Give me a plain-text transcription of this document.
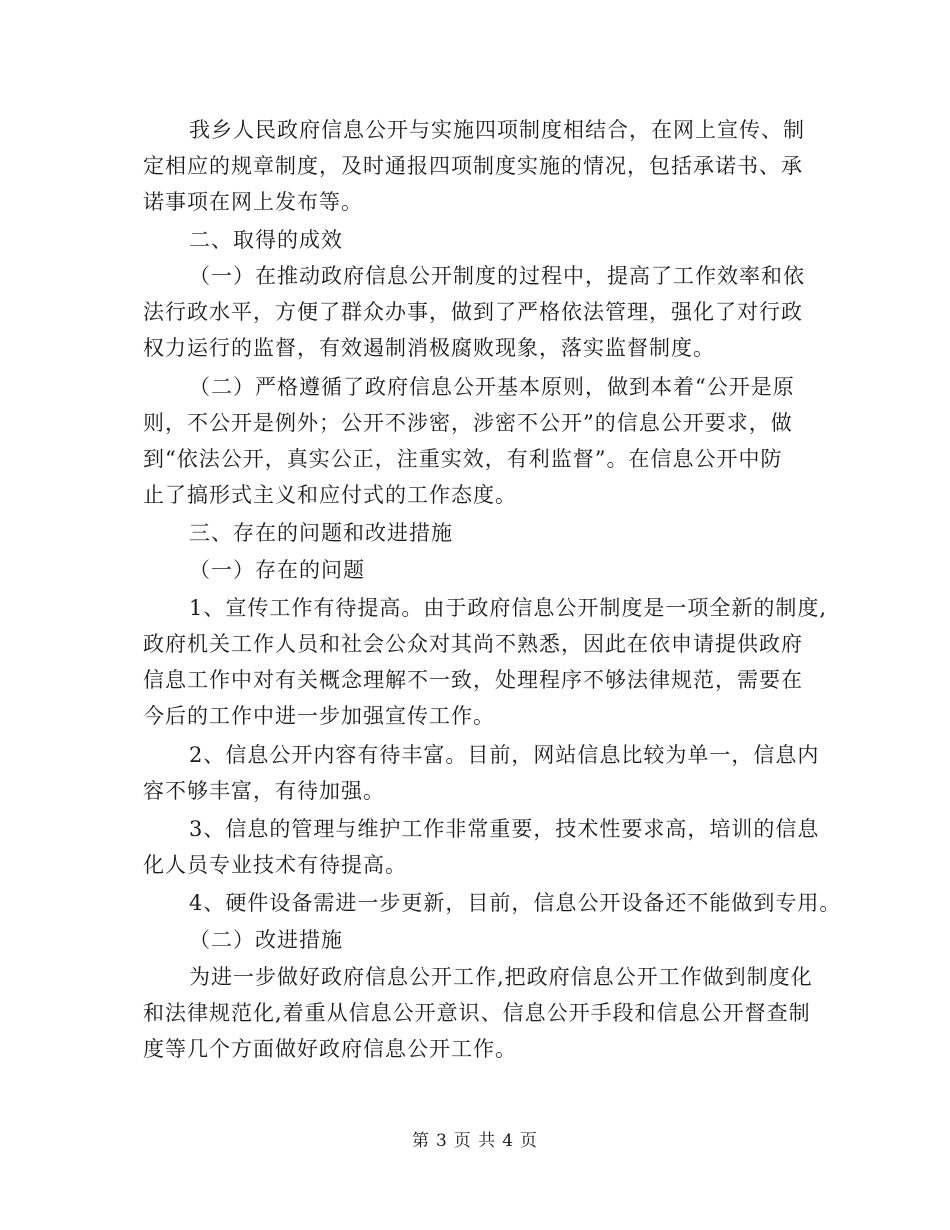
我乡人民政府信息公开与实施四项制度相结合，在网上宣传、制
定相应的规章制度，及时通报四项制度实施的情况，包括承诺书、承
诺事项在网上发布等。
二、取得的成效
（一）在推动政府信息公开制度的过程中，提高了工作效率和依
法行政水平，方便了群众办事，做到了严格依法管理，强化了对行政
权力运行的监督，有效遏制消极腐败现象，落实监督制度。
（二）严格遵循了政府信息公开基本原则，做到本着“公开是原
则，不公开是例外；公开不涉密，涉密不公开”的信息公开要求，做
到“依法公开，真实公正，注重实效，有利监督”。在信息公开中防
止了搞形式主义和应付式的工作态度。
三、存在的问题和改进措施
（一）存在的问题
1、宣传工作有待提高。由于政府信息公开制度是一项全新的制度,
政府机关工作人员和社会公众对其尚不熟悉，因此在依申请提供政府
信息工作中对有关概念理解不一致，处理程序不够法律规范，需要在
今后的工作中进一步加强宣传工作。
2、信息公开内容有待丰富。目前，网站信息比较为单一，信息内
容不够丰富，有待加强。
3、信息的管理与维护工作非常重要，技术性要求高，培训的信息
化人员专业技术有待提高。
4、硬件设备需进一步更新，目前，信息公开设备还不能做到专用。
（二）改进措施
为进一步做好政府信息公开工作,把政府信息公开工作做到制度化
和法律规范化,着重从信息公开意识、信息公开手段和信息公开督查制
度等几个方面做好政府信息公开工作。
第 3 页 共 4 页
